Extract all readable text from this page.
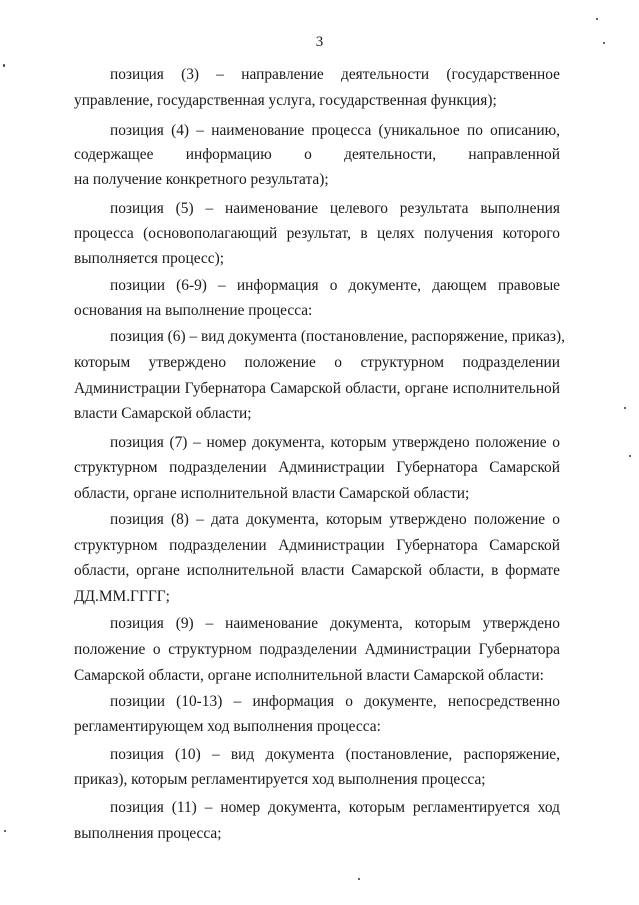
3
позиция (3) – направление деятельности (государственное
управление, государственная услуга, государственная функция);
позиция (4) – наименование процесса (уникальное по описанию,
содержащее информацию о деятельности, направленной
на получение конкретного результата);
позиция (5) – наименование целевого результата выполнения
процесса (основополагающий результат, в целях получения которого
выполняется процесс);
позиции (6-9) – информация о документе, дающем правовые
основания на выполнение процесса:
позиция (6) – вид документа (постановление, распоряжение, приказ),
которым утверждено положение о структурном подразделении
Администрации Губернатора Самарской области, органе исполнительной
власти Самарской области;
позиция (7) – номер документа, которым утверждено положение о
структурном подразделении Администрации Губернатора Самарской
области, органе исполнительной власти Самарской области;
позиция (8) – дата документа, которым утверждено положение о
структурном подразделении Администрации Губернатора Самарской
области, органе исполнительной власти Самарской области, в формате
ДД.ММ.ГГГГ;
позиция (9) – наименование документа, которым утверждено
положение о структурном подразделении Администрации Губернатора
Самарской области, органе исполнительной власти Самарской области:
позиции (10-13) – информация о документе, непосредственно
регламентирующем ход выполнения процесса:
позиция (10) – вид документа (постановление, распоряжение,
приказ), которым регламентируется ход выполнения процесса;
позиция (11) – номер документа, которым регламентируется ход
выполнения процесса;
